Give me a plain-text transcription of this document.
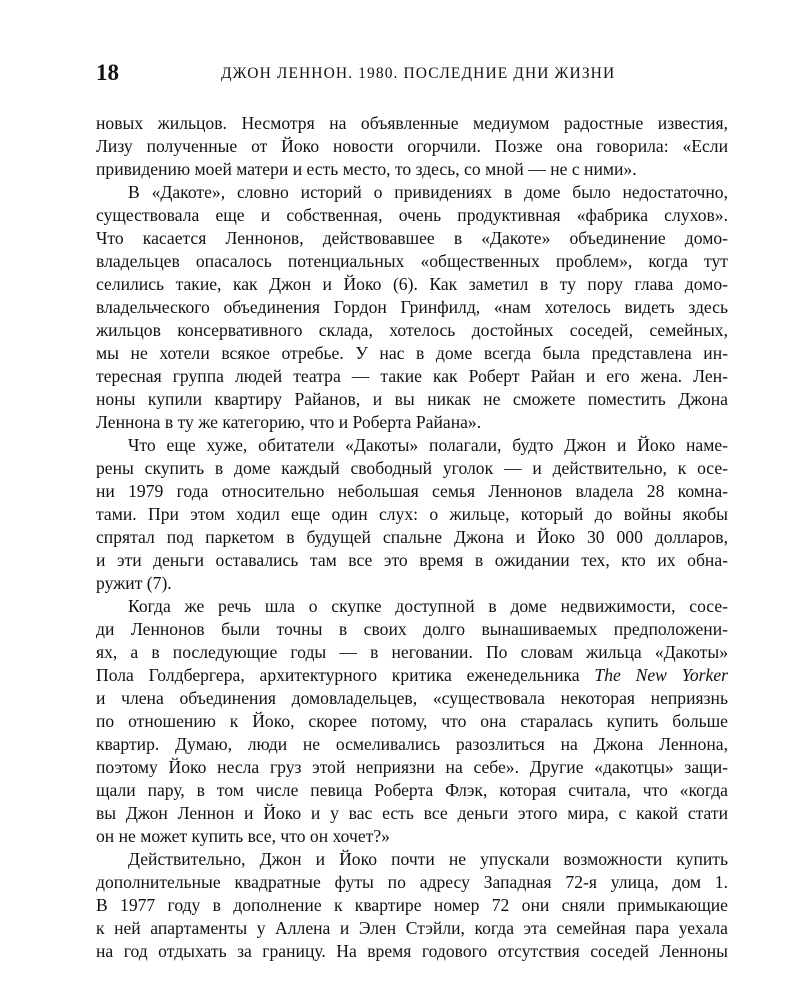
18	ДЖОН ЛЕННОН. 1980. ПОСЛЕДНИЕ ДНИ ЖИЗНИ
новых жильцов. Несмотря на объявленные медиумом радостные известия,
Лизу полученные от Йоко новости огорчили. Позже она говорила: «Если
привидению моей матери и есть место, то здесь, со мной — не с ними».
В «Дакоте», словно историй о привидениях в доме было недостаточно,
существовала еще и собственная, очень продуктивная «фабрика слухов».
Что касается Леннонов, действовавшее в «Дакоте» объединение домо-
владельцев опасалось потенциальных «общественных проблем», когда тут
селились такие, как Джон и Йоко (6). Как заметил в ту пору глава домо-
владельческого объединения Гордон Гринфилд, «нам хотелось видеть здесь
жильцов консервативного склада, хотелось достойных соседей, семейных,
мы не хотели всякое отребье. У нас в доме всегда была представлена ин-
тересная группа людей театра — такие как Роберт Райан и его жена. Лен-
ноны купили квартиру Райанов, и вы никак не сможете поместить Джона
Леннона в ту же категорию, что и Роберта Райана».
Что еще хуже, обитатели «Дакоты» полагали, будто Джон и Йоко наме-
рены скупить в доме каждый свободный уголок — и действительно, к осе-
ни 1979 года относительно небольшая семья Леннонов владела 28 комна-
тами. При этом ходил еще один слух: о жильце, который до войны якобы
спрятал под паркетом в будущей спальне Джона и Йоко 30 000 долларов,
и эти деньги оставались там все это время в ожидании тех, кто их обна-
ружит (7).
Когда же речь шла о скупке доступной в доме недвижимости, сосе-
ди Леннонов были точны в своих долго вынашиваемых предположени-
ях, а в последующие годы — в неговании. По словам жильца «Дакоты»
Пола Голдбергера, архитектурного критика еженедельника The New Yorker
и члена объединения домовладельцев, «существовала некоторая неприязнь
по отношению к Йоко, скорее потому, что она старалась купить больше
квартир. Думаю, люди не осмеливались разозлиться на Джона Леннона,
поэтому Йоко несла груз этой неприязни на себе». Другие «дакотцы» защи-
щали пару, в том числе певица Роберта Флэк, которая считала, что «когда
вы Джон Леннон и Йоко и у вас есть все деньги этого мира, с какой стати
он не может купить все, что он хочет?»
Действительно, Джон и Йоко почти не упускали возможности купить
дополнительные квадратные футы по адресу Западная 72-я улица, дом 1.
В 1977 году в дополнение к квартире номер 72 они сняли примыкающие
к ней апартаменты у Аллена и Элен Стэйли, когда эта семейная пара уехала
на год отдыхать за границу. На время годового отсутствия соседей Ленноны
